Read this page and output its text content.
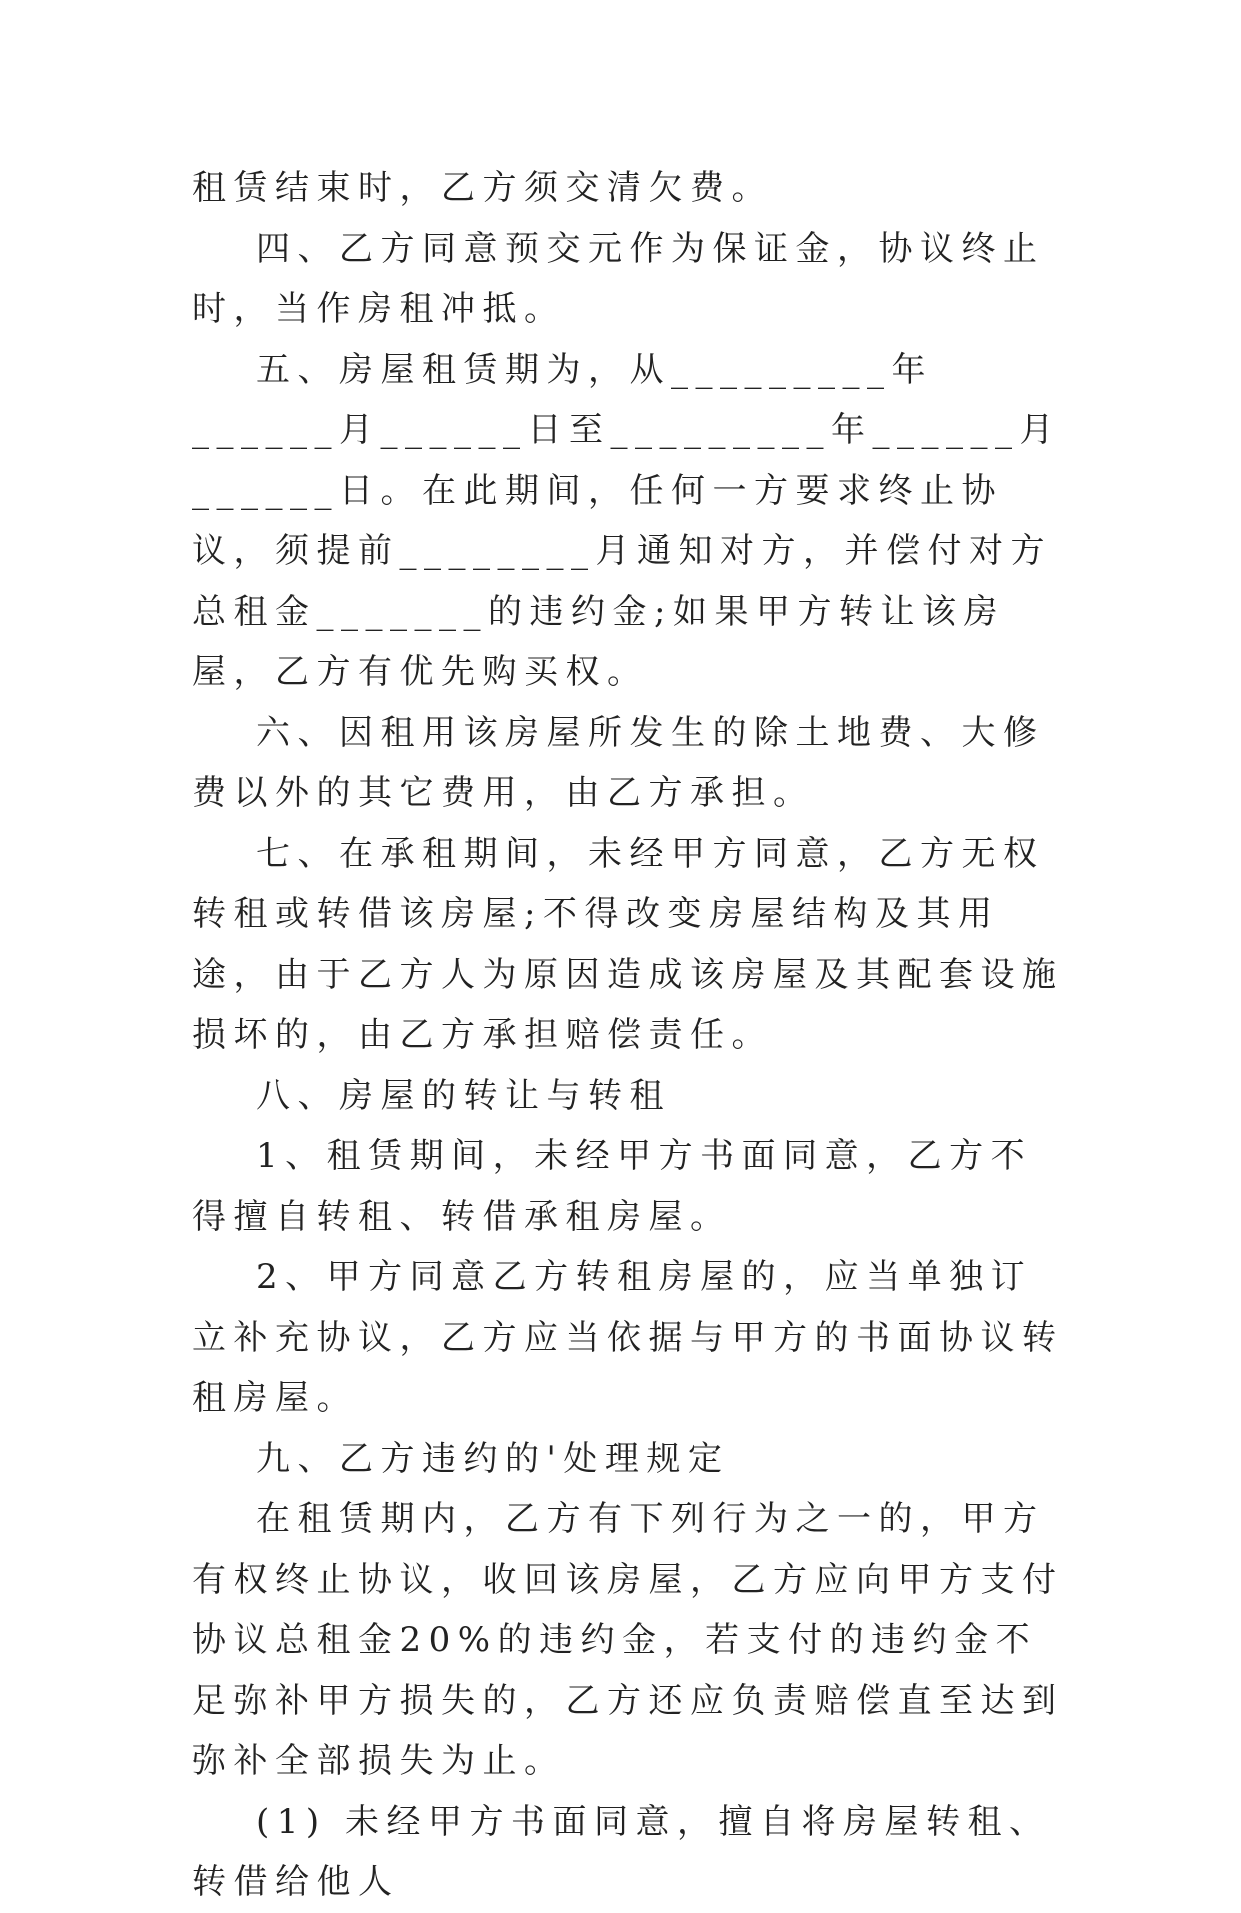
租赁结束时，乙方须交清欠费。

四、乙方同意预交元作为保证金，协议终止时，当作房租冲抵。

五、房屋租赁期为，从_________年______月______日至_________年______月______日。在此期间，任何一方要求终止协议，须提前________月通知对方，并偿付对方总租金_______的违约金;如果甲方转让该房屋，乙方有优先购买权。

六、因租用该房屋所发生的除土地费、大修费以外的其它费用，由乙方承担。

七、在承租期间，未经甲方同意，乙方无权转租或转借该房屋;不得改变房屋结构及其用途，由于乙方人为原因造成该房屋及其配套设施损坏的，由乙方承担赔偿责任。

八、房屋的转让与转租

1、租赁期间，未经甲方书面同意，乙方不得擅自转租、转借承租房屋。

2、甲方同意乙方转租房屋的，应当单独订立补充协议，乙方应当依据与甲方的书面协议转租房屋。

九、乙方违约的'处理规定

在租赁期内，乙方有下列行为之一的，甲方有权终止协议，收回该房屋，乙方应向甲方支付协议总租金20%的违约金，若支付的违约金不足弥补甲方损失的，乙方还应负责赔偿直至达到弥补全部损失为止。

(1) 未经甲方书面同意，擅自将房屋转租、转借给他人
